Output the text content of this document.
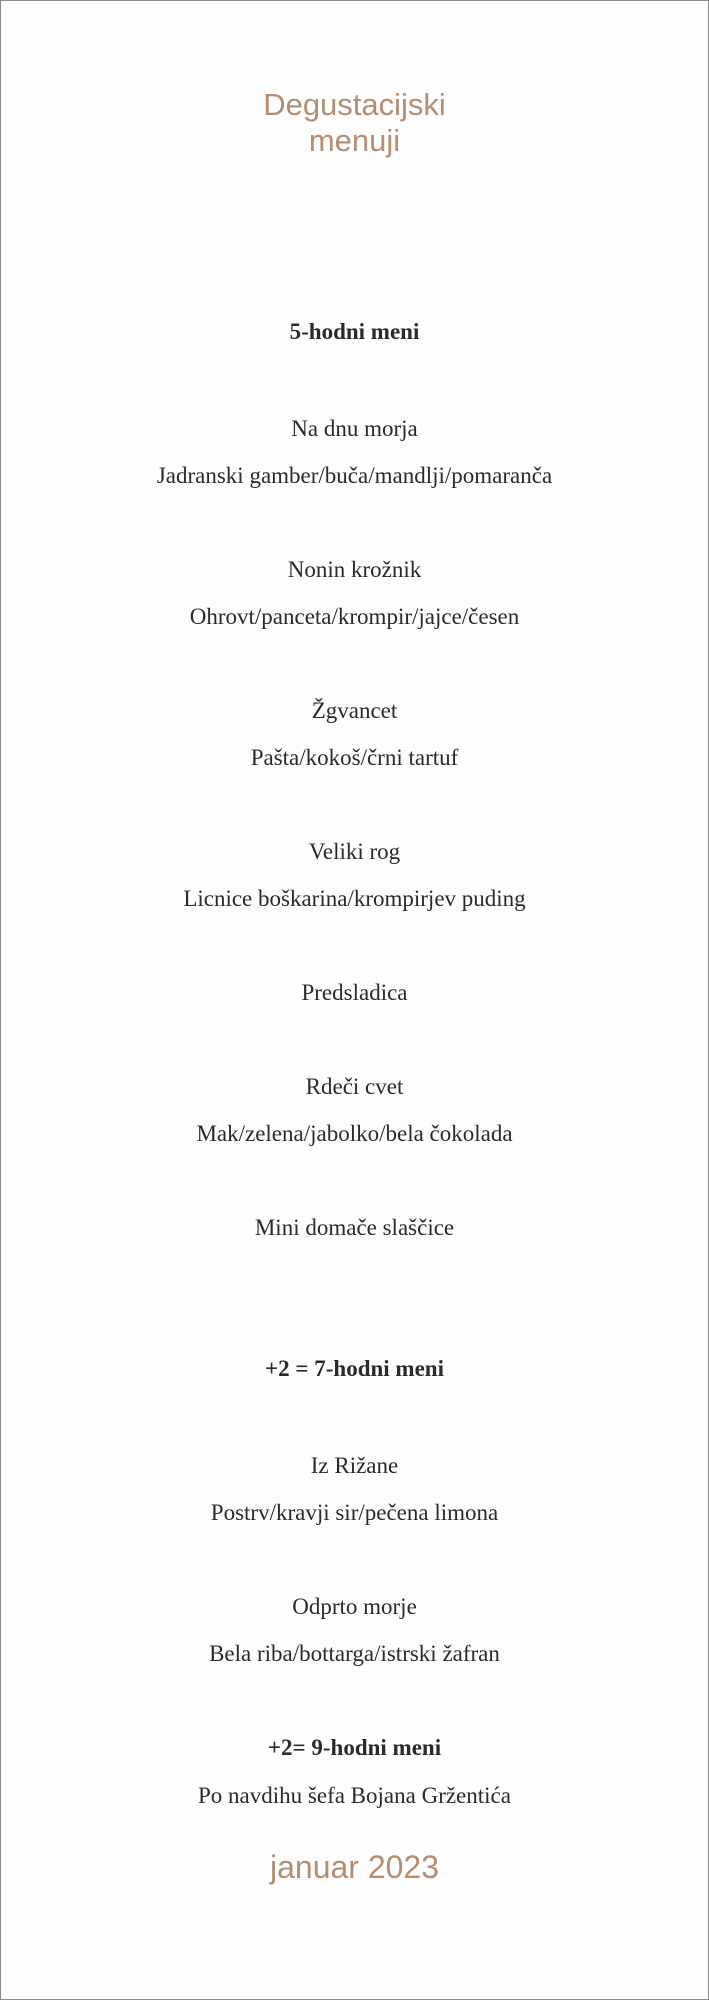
Degustacijski
menuji
5-hodni meni
Na dnu morja
Jadranski gamber/buča/mandlji/pomaranča
Nonin krožnik
Ohrovt/panceta/krompir/jajce/česen
Žgvancet
Pašta/kokoš/črni tartuf
Veliki rog
Licnice boškarina/krompirjev puding
Predsladica
Rdeči cvet
Mak/zelena/jabolko/bela čokolada
Mini domače slaščice
+2 = 7-hodni meni
Iz Rižane
Postrv/kravji sir/pečena limona
Odprto morje
Bela riba/bottarga/istrski žafran
+2= 9-hodni meni
Po navdihu šefa Bojana Gržentića
januar 2023
